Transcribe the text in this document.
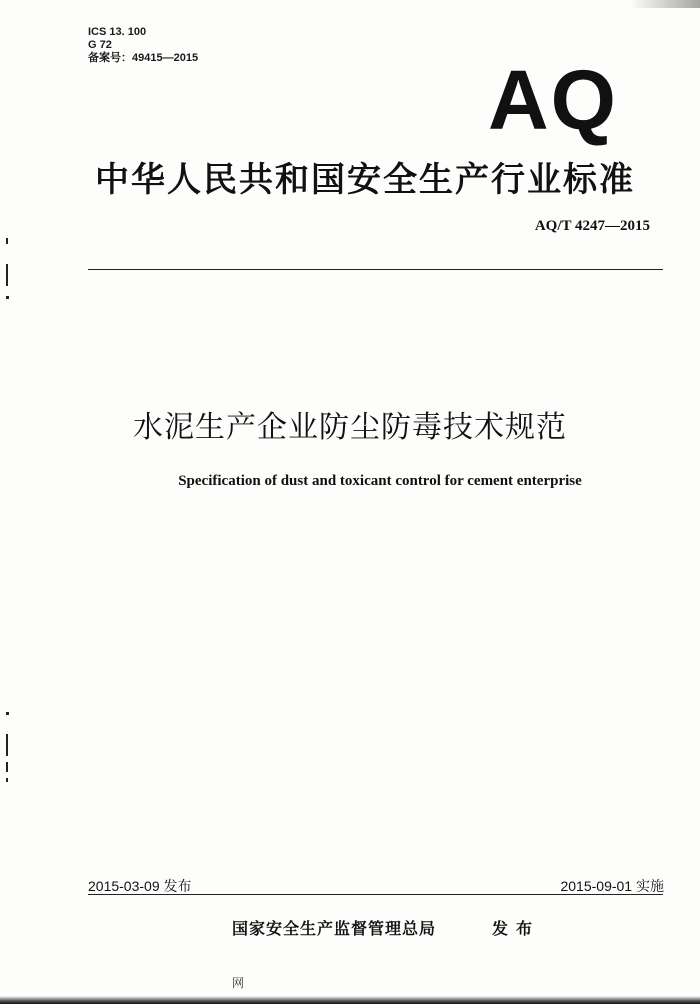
ICS 13. 100
G 72
备案号：49415—2015	AQ
中华人民共和国安全生产行业标准
AQ/T 4247—2015
水泥生产企业防尘防毒技术规范
Specification of dust and toxicant control for cement enterprise
2015-03-09 发布	2015-09-01 实施
国家安全生产监督管理总局	发布
网
